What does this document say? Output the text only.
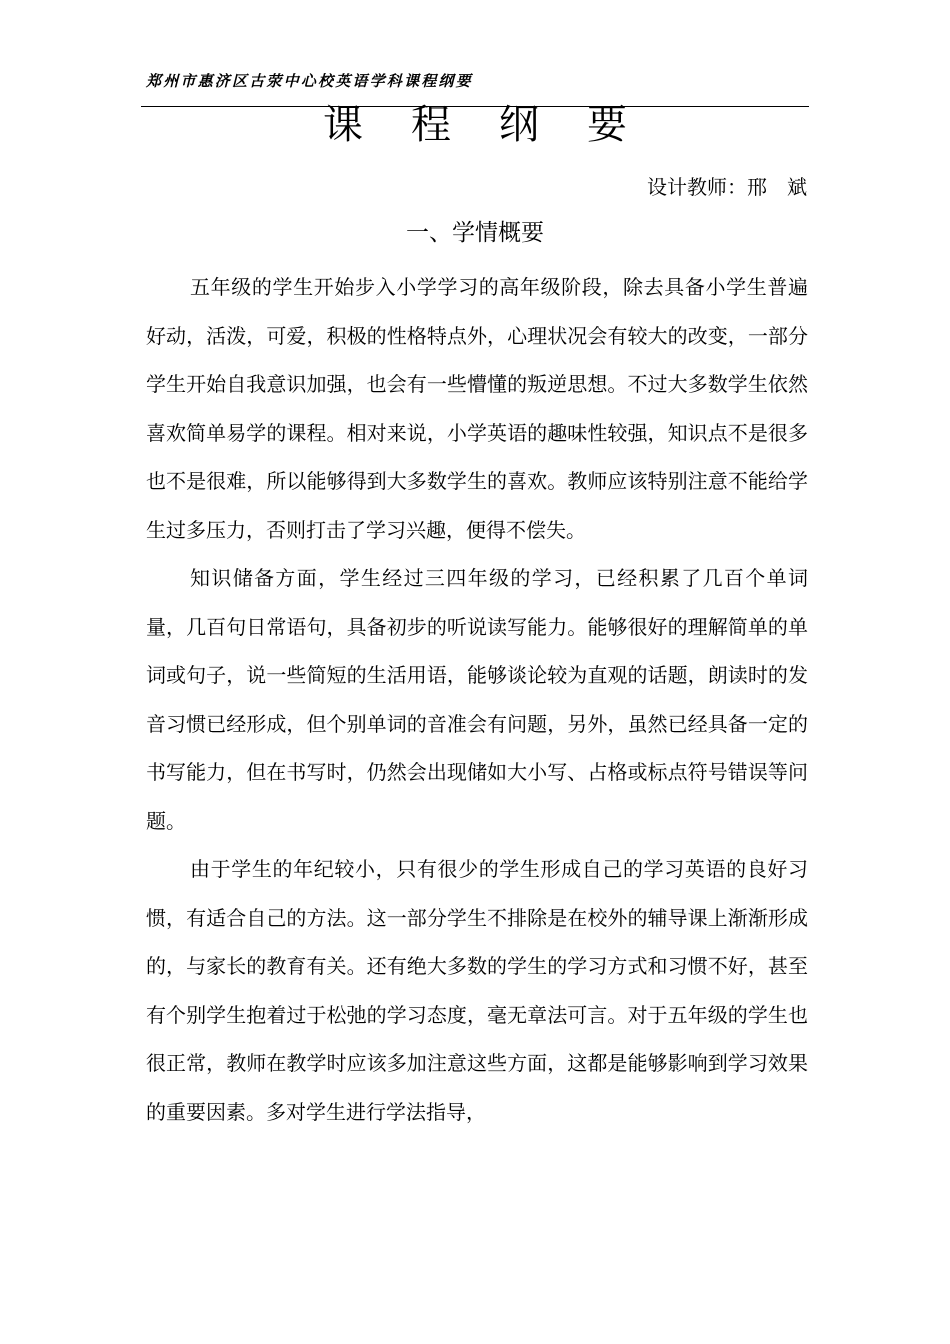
郑州市惠济区古荥中心校英语学科课程纲要
课程纲要
设计教师：邢　斌
一、学情概要

五年级的学生开始步入小学学习的高年级阶段，除去具备小学生普遍好动，活泼，可爱，积极的性格特点外，心理状况会有较大的改变，一部分学生开始自我意识加强，也会有一些懵懂的叛逆思想。不过大多数学生依然喜欢简单易学的课程。相对来说，小学英语的趣味性较强，知识点不是很多也不是很难，所以能够得到大多数学生的喜欢。教师应该特别注意不能给学生过多压力，否则打击了学习兴趣，便得不偿失。

知识储备方面，学生经过三四年级的学习，已经积累了几百个单词量，几百句日常语句，具备初步的听说读写能力。能够很好的理解简单的单词或句子，说一些简短的生活用语，能够谈论较为直观的话题，朗读时的发音习惯已经形成，但个别单词的音准会有问题，另外，虽然已经具备一定的书写能力，但在书写时，仍然会出现储如大小写、占格或标点符号错误等问题。

由于学生的年纪较小，只有很少的学生形成自己的学习英语的良好习惯，有适合自己的方法。这一部分学生不排除是在校外的辅导课上渐渐形成的，与家长的教育有关。还有绝大多数的学生的学习方式和习惯不好，甚至有个别学生抱着过于松弛的学习态度，毫无章法可言。对于五年级的学生也很正常，教师在教学时应该多加注意这些方面，这都是能够影响到学习效果的重要因素。多对学生进行学法指导，
